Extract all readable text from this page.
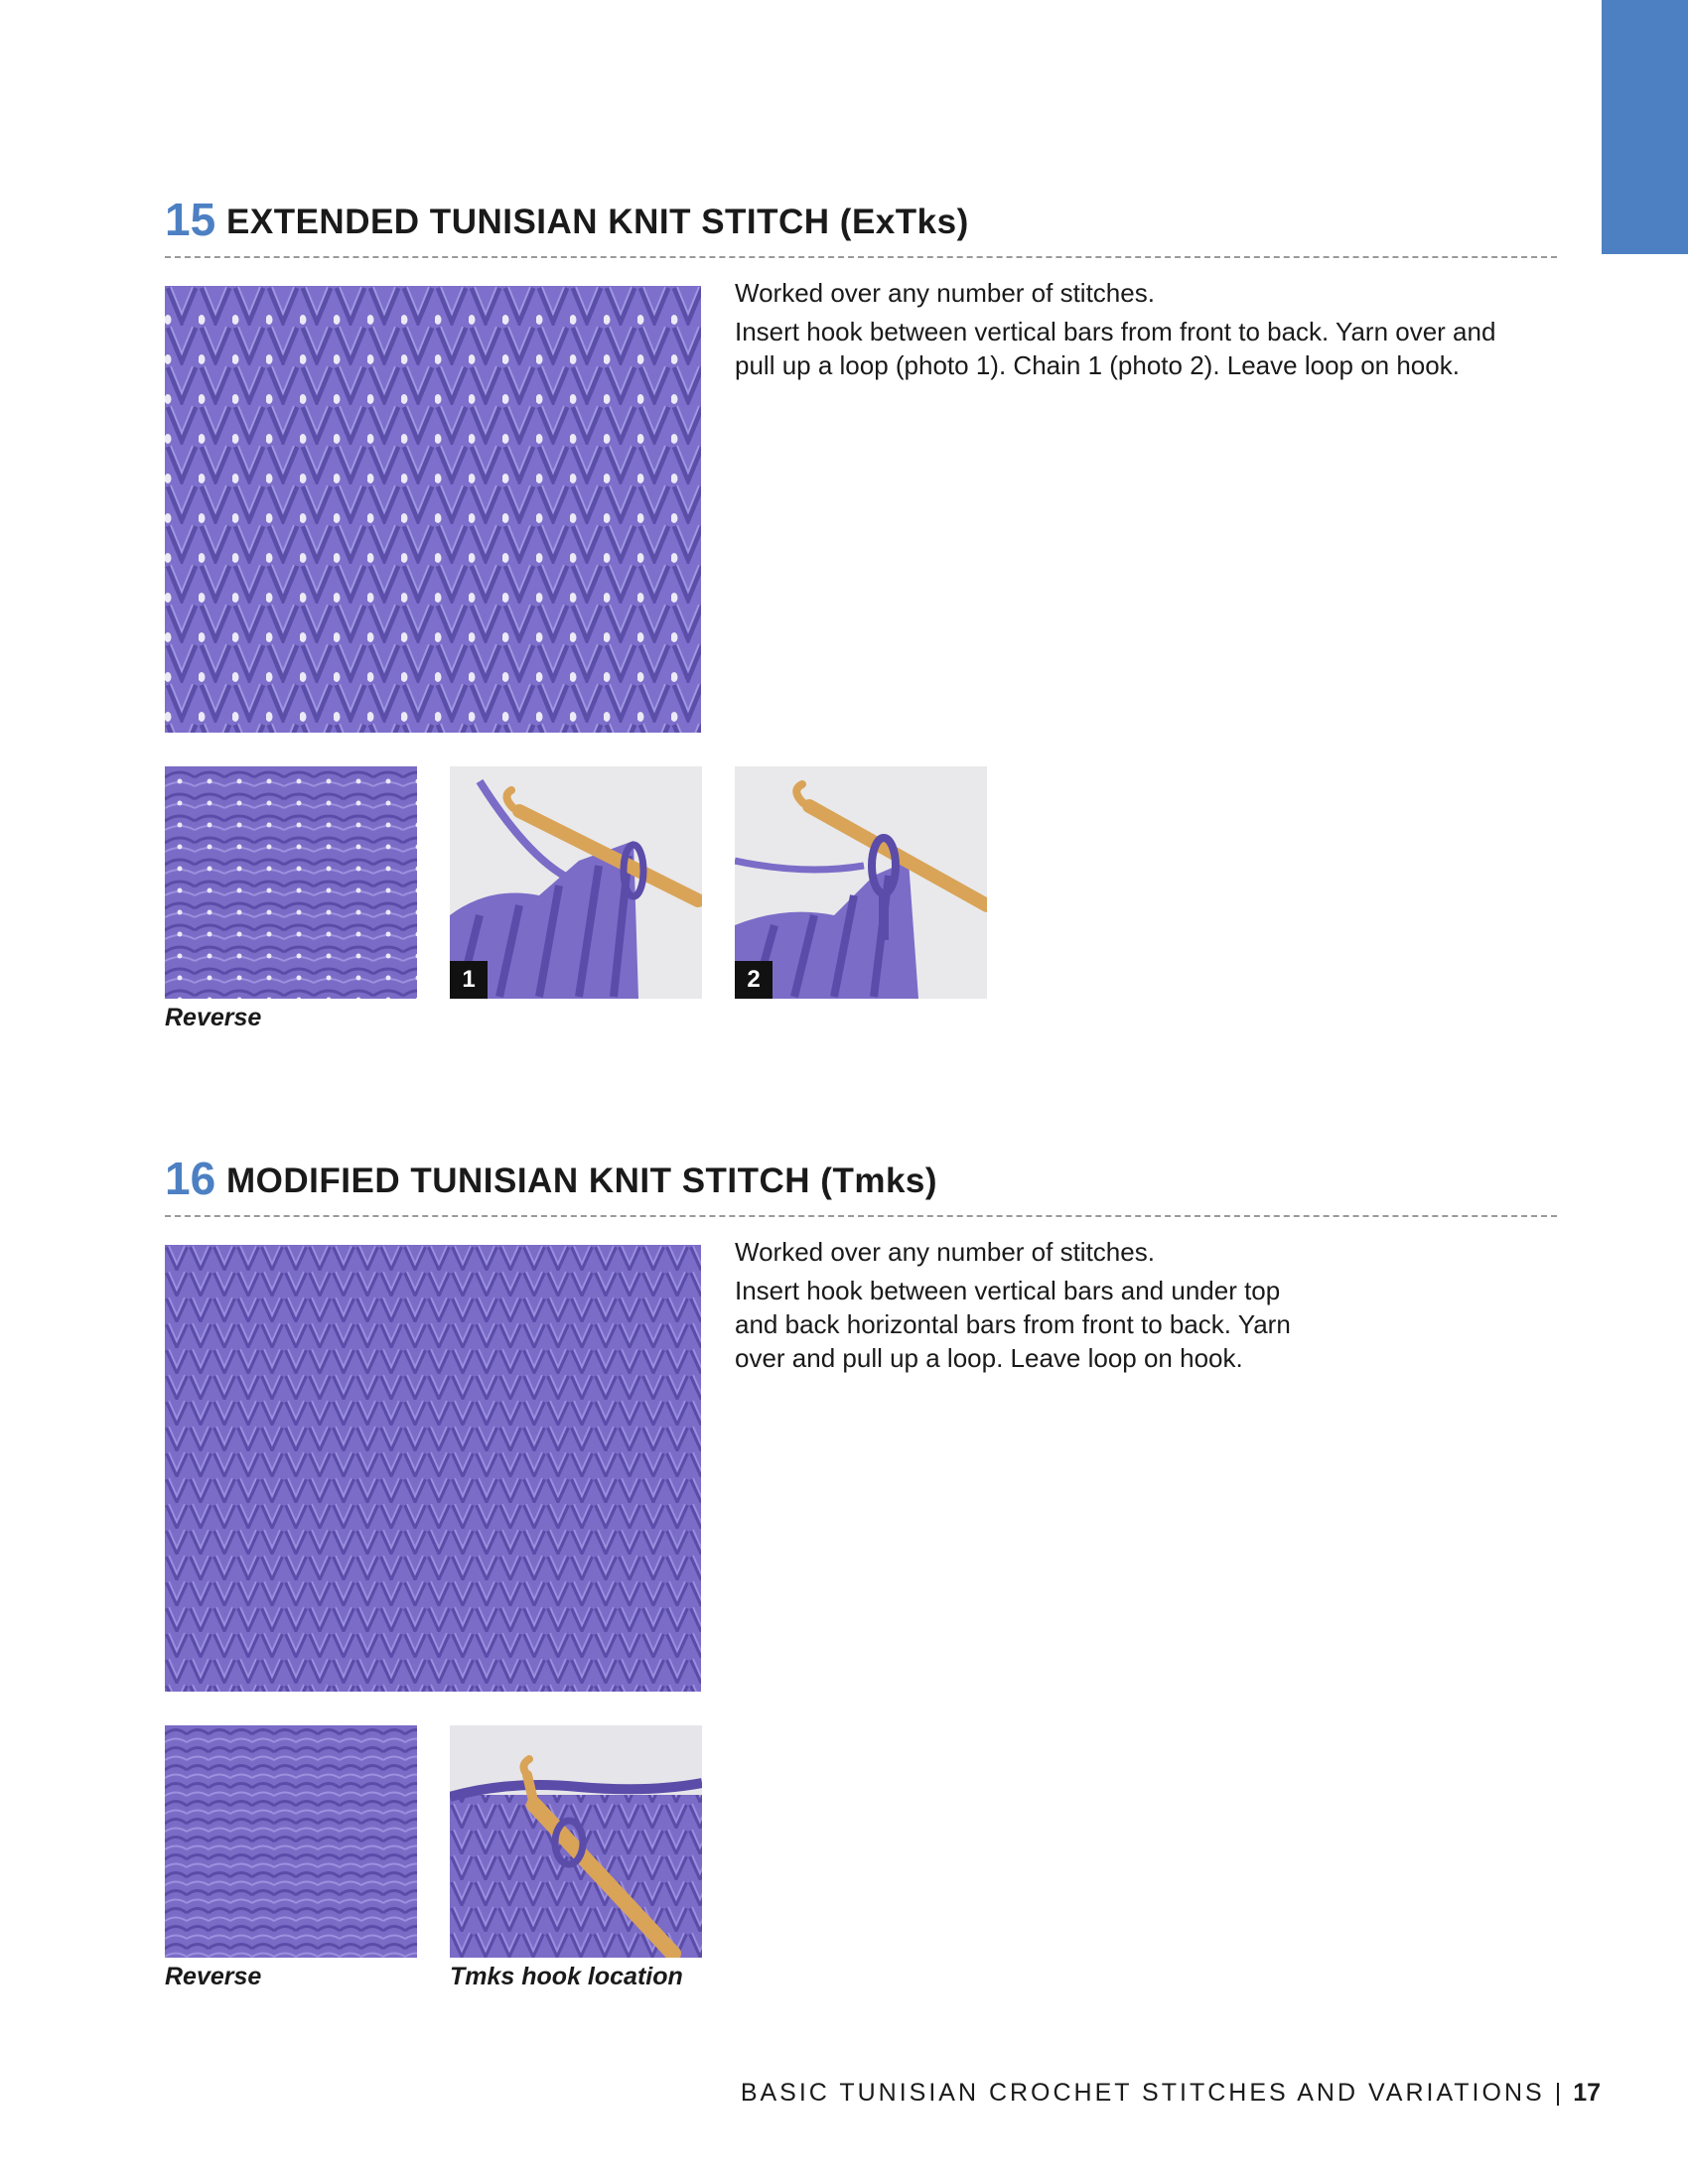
15 EXTENDED TUNISIAN KNIT STITCH (ExTks)

Worked over any number of stitches.

Insert hook between vertical bars from front to back. Yarn over and pull up a loop (photo 1). Chain 1 (photo 2). Leave loop on hook.

1	2
Reverse
16 MODIFIED TUNISIAN KNIT STITCH (Tmks)

Worked over any number of stitches.

Insert hook between vertical bars and under top and back horizontal bars from front to back. Yarn over and pull up a loop. Leave loop on hook.

Reverse	Tmks hook location
BASIC TUNISIAN CROCHET STITCHES AND VARIATIONS | 17
